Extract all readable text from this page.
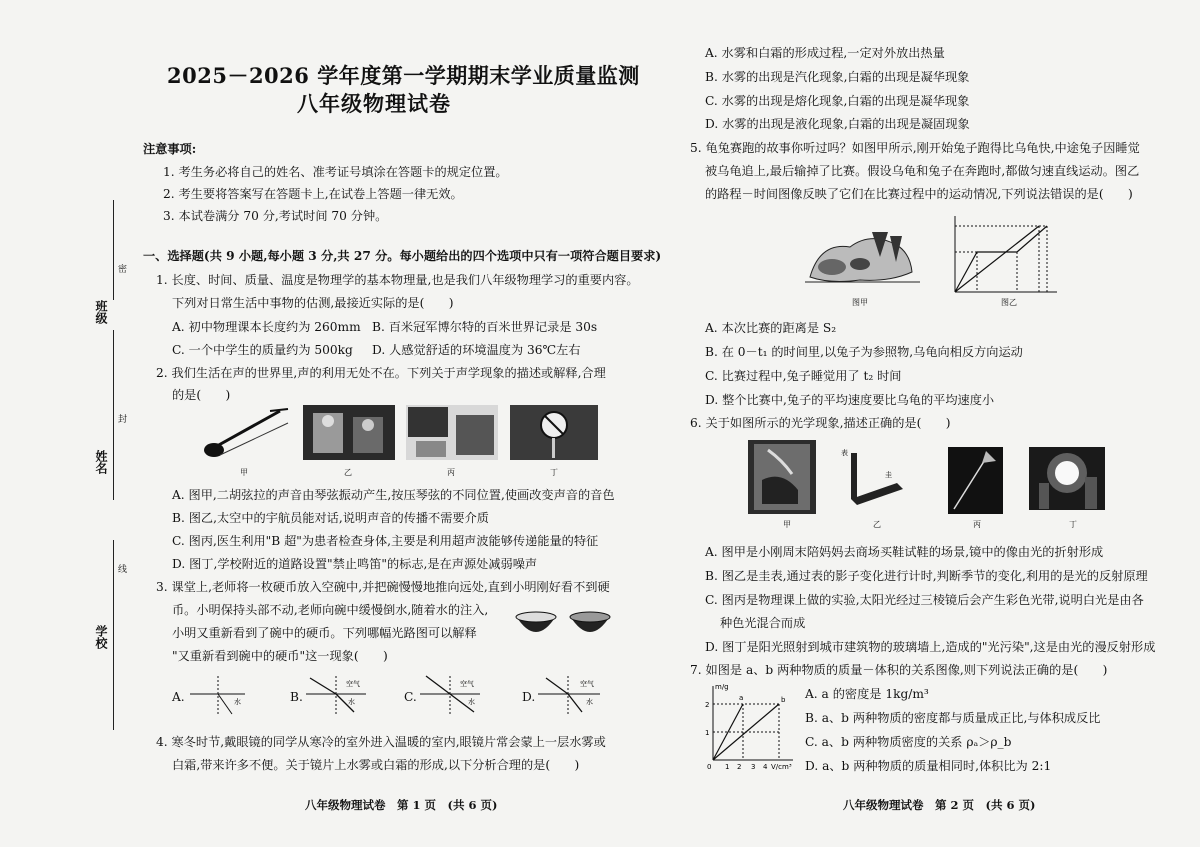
班级
姓名
学校
密
封
线
2025－2026 学年度第一学期期末学业质量监测
八年级物理试卷
注意事项:
1. 考生务必将自己的姓名、准考证号填涂在答题卡的规定位置。
2. 考生要将答案写在答题卡上,在试卷上答题一律无效。
3. 本试卷满分 70 分,考试时间 70 分钟。
一、选择题(共 9 小题,每小题 3 分,共 27 分。每小题给出的四个选项中只有一项符合题目要求)
1. 长度、时间、质量、温度是物理学的基本物理量,也是我们八年级物理学习的重要内容。
下列对日常生活中事物的估测,最接近实际的是(　　)
A. 初中物理课本长度约为 260mm B. 百米冠军博尔特的百米世界记录是 30s
C. 一个中学生的质量约为 500kg D. 人感觉舒适的环境温度为 36℃左右
2. 我们生活在声的世界里,声的利用无处不在。下列关于声学现象的描述或解释,合理
的是(　　)
甲	乙	丙	丁
A. 图甲,二胡弦拉的声音由琴弦振动产生,按压琴弦的不同位置,使画改变声音的音色
B. 图乙,太空中的宇航员能对话,说明声音的传播不需要介质
C. 图丙,医生利用"B 超"为患者检查身体,主要是利用超声波能够传递能量的特征
D. 图丁,学校附近的道路设置"禁止鸣笛"的标志,是在声源处减弱噪声
3. 课堂上,老师将一枚硬币放入空碗中,并把碗慢慢地推向远处,直到小明刚好看不到硬
币。小明保持头部不动,老师向碗中缓慢倒水,随着水的注入,
小明又重新看到了碗中的硬币。下列哪幅光路图可以解释
"又重新看到碗中的硬币"这一现象(　　)
A.	水	B.
空气
水	C.
空气
水	D.
空气
水
4. 寒冬时节,戴眼镜的同学从寒冷的室外进入温暖的室内,眼镜片常会蒙上一层水雾或
白霜,带来许多不便。关于镜片上水雾或白霜的形成,以下分析合理的是(　　)
八年级物理试卷　第 1 页　(共 6 页)
A. 水雾和白霜的形成过程,一定对外放出热量
B. 水雾的出现是汽化现象,白霜的出现是凝华现象
C. 水雾的出现是熔化现象,白霜的出现是凝华现象
D. 水雾的出现是液化现象,白霜的出现是凝固现象
5. 龟兔赛跑的故事你听过吗？如图甲所示,刚开始兔子跑得比乌龟快,中途兔子因睡觉
被乌龟追上,最后输掉了比赛。假设乌龟和兔子在奔跑时,都做匀速直线运动。图乙
的路程－时间图像反映了它们在比赛过程中的运动情况,下列说法错误的是(　　)
图甲	图乙
A. 本次比赛的距离是 S₂
B. 在 0－t₁ 的时间里,以兔子为参照物,乌龟向相反方向运动
C. 比赛过程中,兔子睡觉用了 t₂ 时间
D. 整个比赛中,兔子的平均速度要比乌龟的平均速度小
6. 关于如图所示的光学现象,描述正确的是(　　)
表
圭
甲	乙	丙	丁
A. 图甲是小刚周末陪妈妈去商场买鞋试鞋的场景,镜中的像由光的折射形成
B. 图乙是圭表,通过表的影子变化进行计时,判断季节的变化,利用的是光的反射原理
C. 图丙是物理课上做的实验,太阳光经过三棱镜后会产生彩色光带,说明白光是由各
种色光混合而成
D. 图丁是阳光照射到城市建筑物的玻璃墙上,造成的"光污染",这是由光的漫反射形成
7. 如图是 a、b 两种物质的质量－体积的关系图像,则下列说法正确的是(　　)
m/g
V/cm³
a	b
2
1
0 1 2 3 4
A. a 的密度是 1kg/m³
B. a、b 两种物质的密度都与质量成正比,与体积成反比
C. a、b 两种物质密度的关系 ρₐ＞ρ_b
D. a、b 两种物质的质量相同时,体积比为 2:1
八年级物理试卷　第 2 页　(共 6 页)
